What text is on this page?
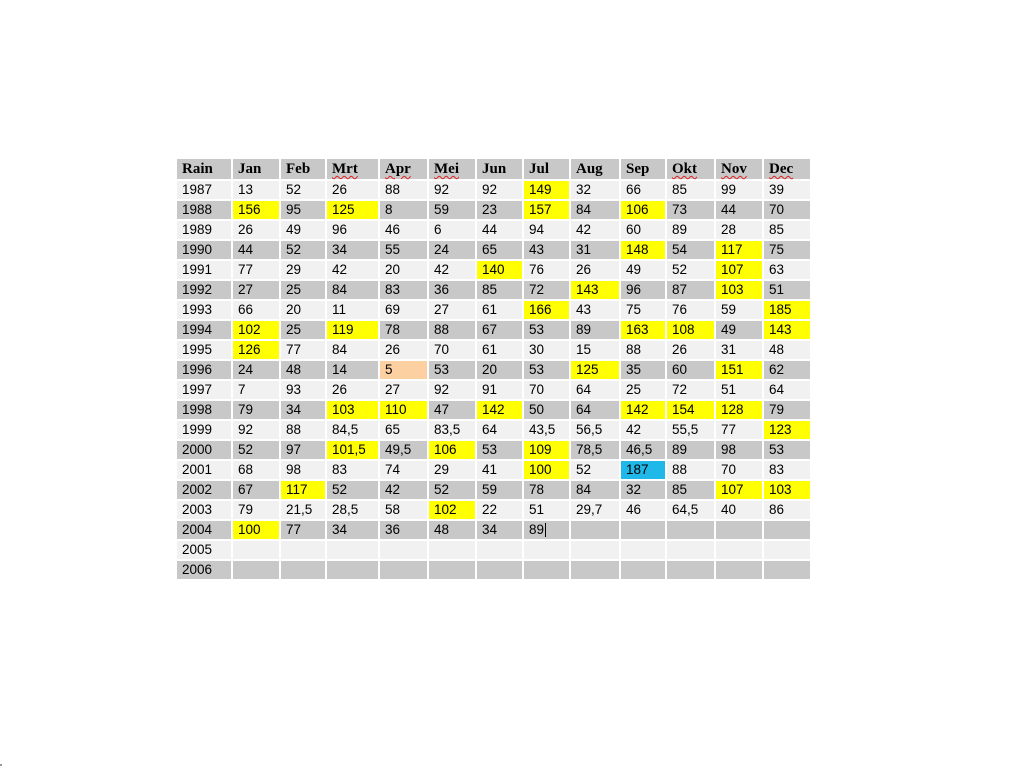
Rain	Jan	Feb	Mrt	Apr	Mei	Jun	Jul	Aug	Sep	Okt	Nov	Dec
1987	13	52	26	88	92	92	149	32	66	85	99	39
1988	156	95	125	8	59	23	157	84	106	73	44	70
1989	26	49	96	46	6	44	94	42	60	89	28	85
1990	44	52	34	55	24	65	43	31	148	54	117	75
1991	77	29	42	20	42	140	76	26	49	52	107	63
1992	27	25	84	83	36	85	72	143	96	87	103	51
1993	66	20	11	69	27	61	166	43	75	76	59	185
1994	102	25	119	78	88	67	53	89	163	108	49	143
1995	126	77	84	26	70	61	30	15	88	26	31	48
1996	24	48	14	5	53	20	53	125	35	60	151	62
1997	7	93	26	27	92	91	70	64	25	72	51	64
1998	79	34	103	110	47	142	50	64	142	154	128	79
1999	92	88	84,5	65	83,5	64	43,5	56,5	42	55,5	77	123
2000	52	97	101,5	49,5	106	53	109	78,5	46,5	89	98	53
2001	68	98	83	74	29	41	100	52	187	88	70	83
2002	67	117	52	42	52	59	78	84	32	85	107	103
2003	79	21,5	28,5	58	102	22	51	29,7	46	64,5	40	86
2004	100	77	34	36	48	34	89					
2005												
2006												
